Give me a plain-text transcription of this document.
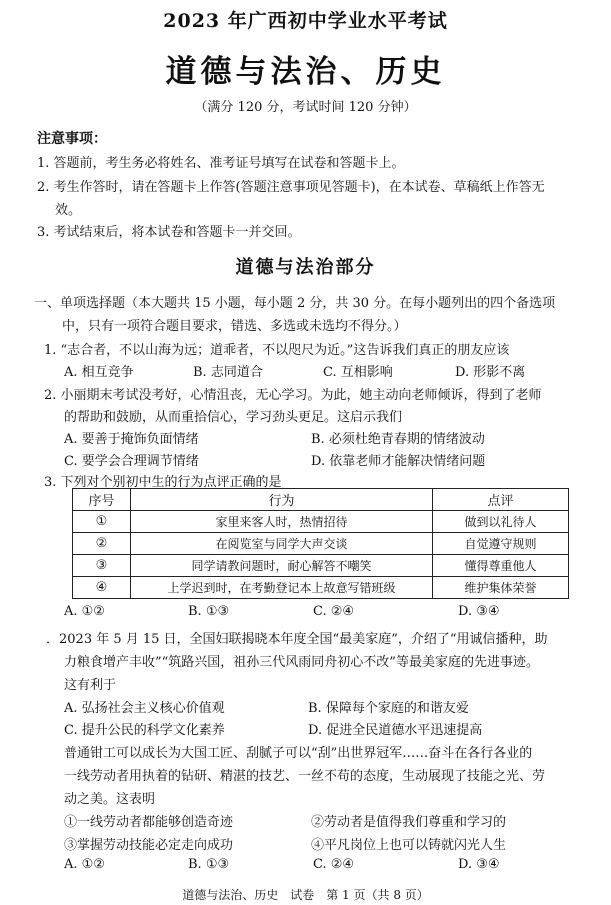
2023 年广西初中学业水平考试
道德与法治、历史
（满分 120 分，考试时间 120 分钟）
注意事项：
1. 答题前，考生务必将姓名、准考证号填写在试卷和答题卡上。
2. 考生作答时，请在答题卡上作答(答题注意事项见答题卡)，在本试卷、草稿纸上作答无
效。
3. 考试结束后，将本试卷和答题卡一并交回。
道德与法治部分
一、单项选择题（本大题共 15 小题，每小题 2 分，共 30 分。在每小题列出的四个备选项
中，只有一项符合题目要求，错选、多选或未选均不得分。）
1. “志合者，不以山海为远；道乖者，不以咫尺为近。”这告诉我们真正的朋友应该
A. 相互竞争	B. 志同道合	C. 互相影响	D. 形影不离
2. 小丽期末考试没考好，心情沮丧，无心学习。为此，她主动向老师倾诉，得到了老师
的帮助和鼓励，从而重拾信心，学习劲头更足。这启示我们
A. 要善于掩饰负面情绪	B. 必须杜绝青春期的情绪波动
C. 要学会合理调节情绪	D. 依靠老师才能解决情绪问题
3. 下列对个别初中生的行为点评正确的是
序号	行为	点评
①	家里来客人时，热情招待	做到以礼待人
②	在阅览室与同学大声交谈	自觉遵守规则
③	同学请教问题时，耐心解答不嘲笑	懂得尊重他人
④	上学迟到时，在考勤登记本上故意写错班级	维护集体荣誉
A. ①②	B. ①③	C. ②④	D. ③④
．2023 年 5 月 15 日，全国妇联揭晓本年度全国“最美家庭”，介绍了“用诚信播种，助
力粮食增产丰收”“筑路兴国，祖孙三代风雨同舟初心不改”等最美家庭的先进事迹。
这有利于
A. 弘扬社会主义核心价值观	B. 保障每个家庭的和谐友爱
C. 提升公民的科学文化素养	D. 促进全民道德水平迅速提高
普通钳工可以成长为大国工匠、刮腻子可以“刮”出世界冠军……奋斗在各行各业的
一线劳动者用执着的钻研、精湛的技艺、一丝不苟的态度，生动展现了技能之光、劳
动之美。这表明
①一线劳动者都能够创造奇迹	②劳动者是值得我们尊重和学习的
③掌握劳动技能必定走向成功	④平凡岗位上也可以铸就闪光人生
A. ①②	B. ①③	C. ②④	D. ③④
道德与法治、历史　试卷　第 1 页（共 8 页）
